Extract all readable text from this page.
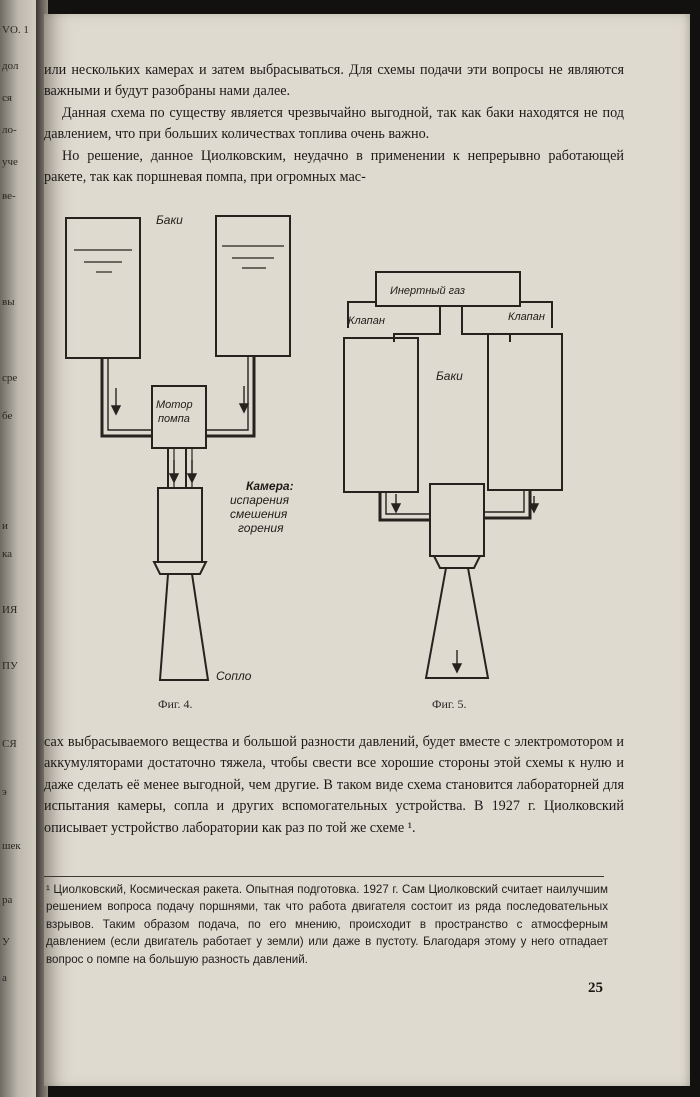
VO. 1
дол
ся
ло-
уче
ве-
вы
сре
бе
и
ка
ИЯ
ПУ
СЯ
э
шек
ра
У
а

или нескольких камерах и затем выбрасываться. Для схемы подачи эти вопросы не являются важными и будут разобраны нами далее.

Данная схема по существу является чрезвычайно выгодной, так как баки находятся не под давлением, что при больших количествах топлива очень важно.

Но решение, данное Циолковским, неудачно в применении к непрерывно работающей ракете, так как поршневая помпа, при огромных мас-

Баки
Мотор
помпа
Камера:
испарения
смешения
горения
Сопло
Инертный газ
Клапан	Клапан
Баки
Фиг. 4.	Фиг. 5.

сах выбрасываемого вещества и большой разности давлений, будет вместе с электромотором и аккумуляторами достаточно тяжела, чтобы свести все хорошие стороны этой схемы к нулю и даже сделать её менее выгодной, чем другие. В таком виде схема становится лабораторней для испытания камеры, сопла и других вспомогательных устройства. В 1927 г. Циолковский описывает устройство лаборатории как раз по той же схеме ¹.

¹ Циолковский, Космическая ракета. Опытная подготовка. 1927 г. Сам Циолковский считает наилучшим решением вопроса подачу поршнями, так что работа двигателя состоит из ряда последовательных взрывов. Таким образом подача, по его мнению, происходит в пространство с атмосферным давлением (если двигатель работает у земли) или даже в пустоту. Благодаря этому у него отпадает вопрос о помпе на большую разность давлений.
25
